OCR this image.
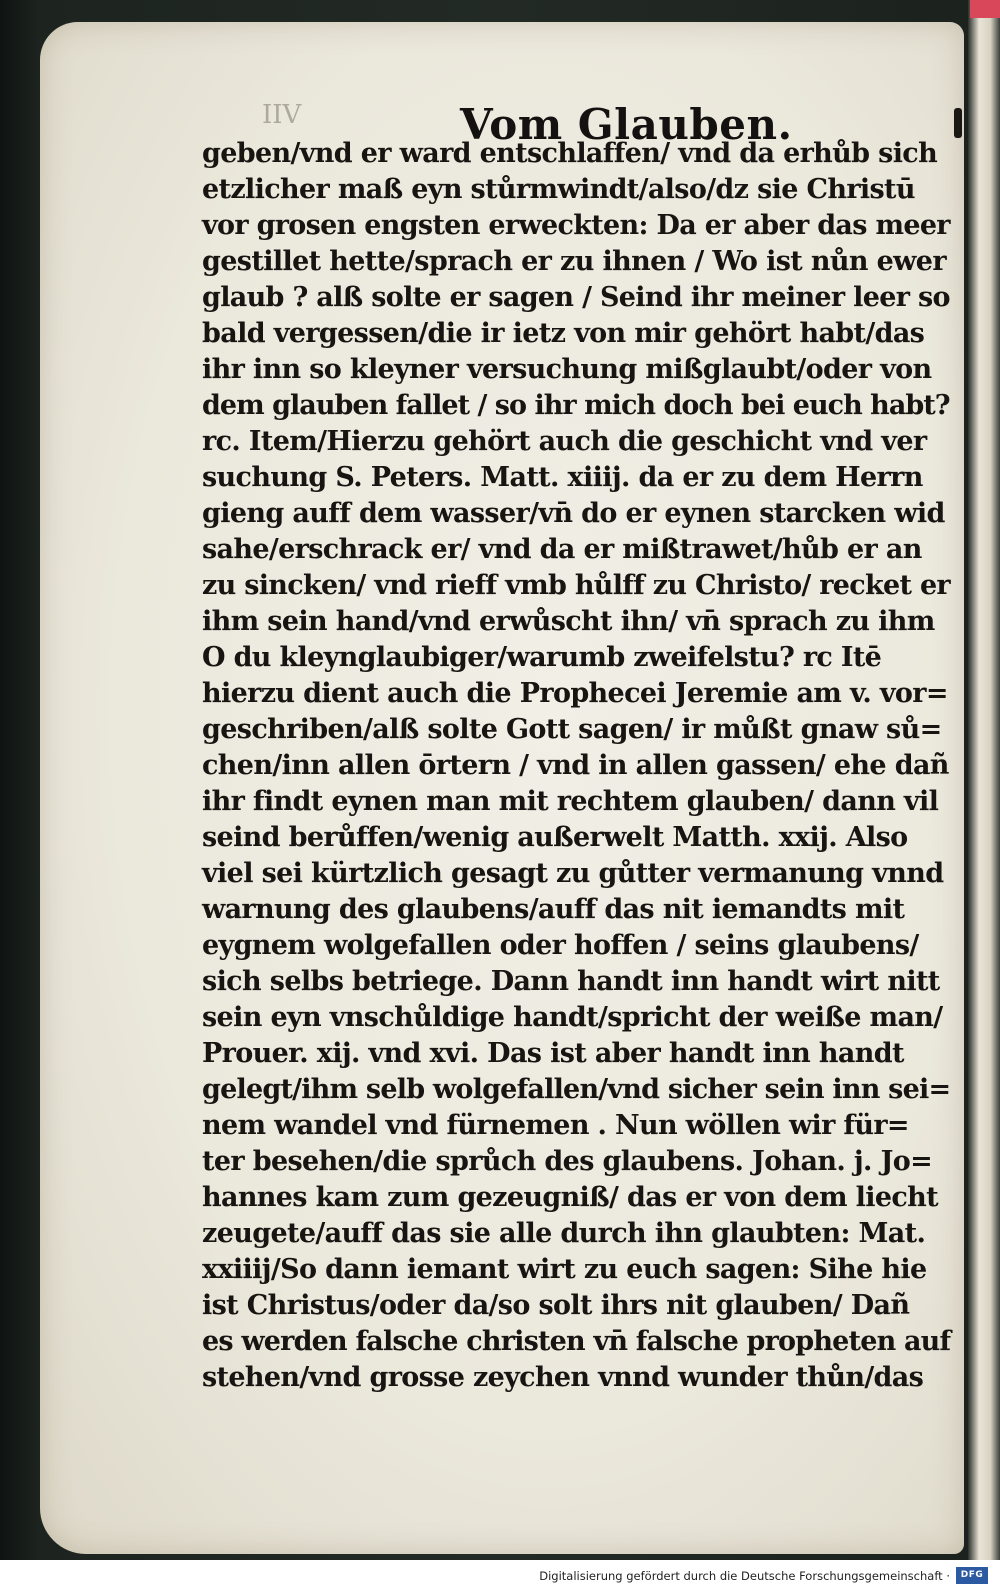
IIV	Vom Glauben.
geben/vnd er ward entschlaffen/ vnd da erhůb sich
etzlicher maß eyn stůrmwindt/also/dz sie Christū
vor grosen engsten erweckten: Da er aber das meer
gestillet hette/sprach er zu ihnen / Wo ist nůn ewer
glaub ? alß solte er sagen / Seind ihr meiner leer so
bald vergessen/die ir ietz von mir gehört habt/das
ihr inn so kleyner versuchung mißglaubt/oder von
dem glauben fallet / so ihr mich doch bei euch habt?
rc. Item/Hierzu gehört auch die geschicht vnd ver
suchung S. Peters. Matt. xiiij. da er zu dem Herrn
gieng auff dem wasser/vn̄ do er eynen starcken wid
sahe/erschrack er/ vnd da er mißtrawet/hůb er an
zu sincken/ vnd rieff vmb hůlff zu Christo/ recket er
ihm sein hand/vnd erwůscht ihn/ vn̄ sprach zu ihm
O du kleynglaubiger/warumb zweifelstu? rc Itē
hierzu dient auch die Prophecei Jeremie am v. vor=
geschriben/alß solte Gott sagen/ ir můßt gnaw sů=
chen/inn allen ōrtern / vnd in allen gassen/ ehe dañ
ihr findt eynen man mit rechtem glauben/ dann vil
seind berůffen/wenig außerwelt Matth. xxij. Also
viel sei kürtzlich gesagt zu gůtter vermanung vnnd
warnung des glaubens/auff das nit iemandts mit
eygnem wolgefallen oder hoffen / seins glaubens/
sich selbs betriege. Dann handt inn handt wirt nitt
sein eyn vnschůldige handt/spricht der weiße man/
Prouer. xij. vnd xvi. Das ist aber handt inn handt
gelegt/ihm selb wolgefallen/vnd sicher sein inn sei=
nem wandel vnd fürnemen . Nun wöllen wir für=
ter besehen/die sprůch des glaubens. Johan. j. Jo=
hannes kam zum gezeugniß/ das er von dem liecht
zeugete/auff das sie alle durch ihn glaubten: Mat.
xxiiij/So dann iemant wirt zu euch sagen: Sihe hie
ist Christus/oder da/so solt ihrs nit glauben/ Dañ
es werden falsche christen vn̄ falsche propheten auf
stehen/vnd grosse zeychen vnnd wunder thůn/das
Digitalisierung gefördert durch die Deutsche Forschungsgemeinschaft ·	DFG
